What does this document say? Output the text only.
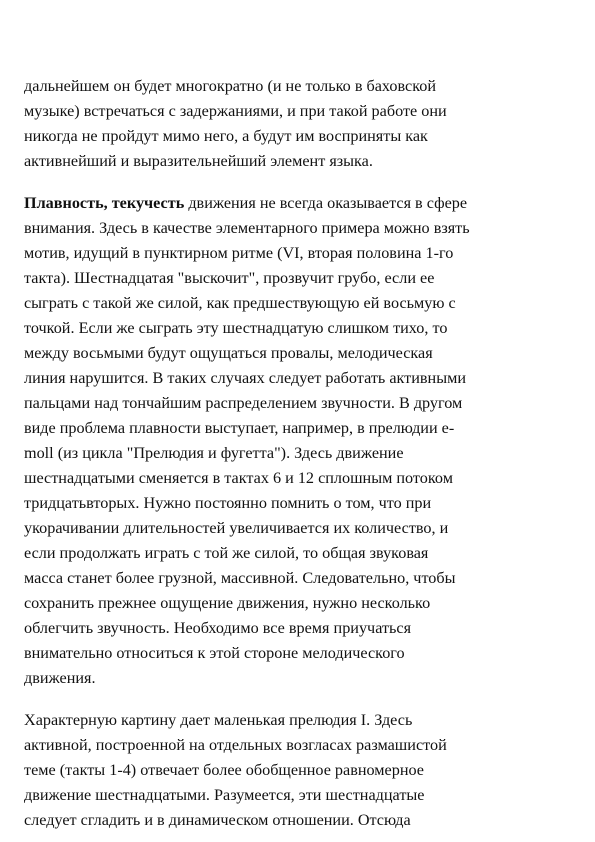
дальнейшем он будет многократно (и не только в баховской
музыке) встречаться с задержаниями, и при такой работе они
никогда не пройдут мимо него, а будут им восприняты как
активнейший и выразительнейший элемент языка.
Плавность, текучесть движения не всегда оказывается в сфере
внимания. Здесь в качестве элементарного примера можно взять
мотив, идущий в пунктирном ритме (VI, вторая половина 1-го
такта). Шестнадцатая "выскочит", прозвучит грубо, если ее
сыграть с такой же силой, как предшествующую ей восьмую с
точкой. Если же сыграть эту шестнадцатую слишком тихо, то
между восьмыми будут ощущаться провалы, мелодическая
линия нарушится. В таких случаях следует работать активными
пальцами над тончайшим распределением звучности. В другом
виде проблема плавности выступает, например, в прелюдии e-
moll (из цикла "Прелюдия и фугетта"). Здесь движение
шестнадцатыми сменяется в тактах 6 и 12 сплошным потоком
тридцатьвторых. Нужно постоянно помнить о том, что при
укорачивании длительностей увеличивается их количество, и
если продолжать играть с той же силой, то общая звуковая
масса станет более грузной, массивной. Следовательно, чтобы
сохранить прежнее ощущение движения, нужно несколько
облегчить звучность. Необходимо все время приучаться
внимательно относиться к этой стороне мелодического
движения.
Характерную картину дает маленькая прелюдия I. Здесь
активной, построенной на отдельных возгласах размашистой
теме (такты 1-4) отвечает более обобщенное равномерное
движение шестнадцатыми. Разумеется, эти шестнадцатые
следует сгладить и в динамическом отношении. Отсюда
